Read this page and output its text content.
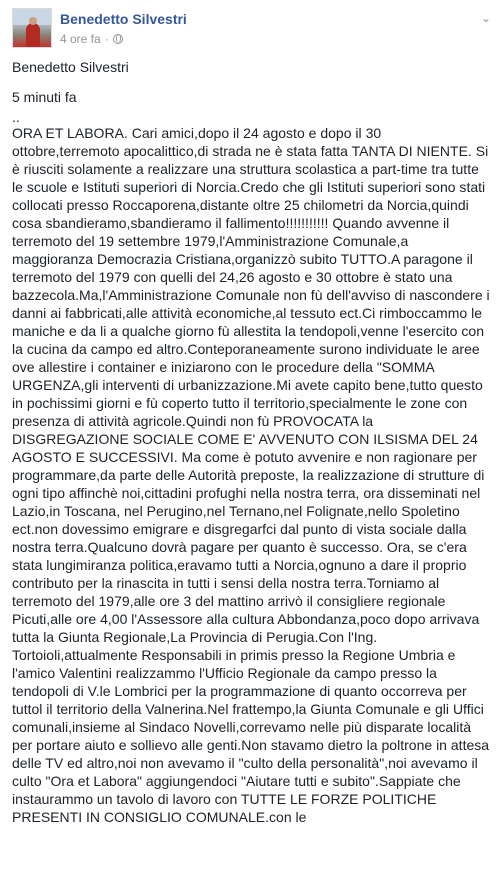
Benedetto Silvestri
4 ore fa ·
⌄

Benedetto Silvestri

5 minuti fa

..

ORA ET LABORA. Cari amici,dopo il 24 agosto e dopo il 30 ottobre,terremoto apocalittico,di strada ne è stata fatta TANTA DI NIENTE. Si è riusciti solamente a realizzare una struttura scolastica a part-time tra tutte le scuole e Istituti superiori di Norcia.Credo che gli Istituti superiori sono stati collocati presso Roccaporena,distante oltre 25 chilometri da Norcia,quindi cosa sbandieramo,sbandieramo il fallimento!!!!!!!!!!! Quando avvenne il terremoto del 19 settembre 1979,l'Amministrazione Comunale,a maggioranza Democrazia Cristiana,organizzò subito TUTTO.A paragone il terremoto del 1979 con quelli del 24,26 agosto e 30 ottobre è stato una bazzecola.Ma,l'Amministrazione Comunale non fù dell'avviso di nascondere i danni ai fabbricati,alle attività economiche,al tessuto ect.Ci rimboccammo le maniche e da li a qualche giorno fù allestita la tendopoli,venne l'esercito con la cucina da campo ed altro.Conteporaneamente surono individuate le aree ove allestire i container e iniziarono con le procedure della "SOMMA URGENZA,gli interventi di urbanizzazione.Mi avete capito bene,tutto questo in pochissimi giorni e fù coperto tutto il territorio,specialmente le zone con presenza di attività agricole.Quindi non fù PROVOCATA la DISGREGAZIONE SOCIALE COME E' AVVENUTO CON ILSISMA DEL 24 AGOSTO E SUCCESSIVI. Ma come è potuto avvenire e non ragionare per programmare,da parte delle Autorità preposte, la realizzazione di strutture di ogni tipo affinchè noi,cittadini profughi nella nostra terra, ora disseminati nel Lazio,in Toscana, nel Perugino,nel Ternano,nel Folignate,nello Spoletino ect.non dovessimo emigrare e disgregarfci dal punto di vista sociale dalla nostra terra.Qualcuno dovrà pagare per quanto è successo. Ora, se c'era stata lungimiranza politica,eravamo tutti a Norcia,ognuno a dare il proprio contributo per la rinascita in tutti i sensi della nostra terra.Torniamo al terremoto del 1979,alle ore 3 del mattino arrivò il consigliere regionale Picuti,alle ore 4,00 l'Assessore alla cultura Abbondanza,poco dopo arrivava tutta la Giunta Regionale,La Provincia di Perugia.Con l'Ing. Tortoioli,attualmente Responsabili in primis presso la Regione Umbria e l'amico Valentini realizzammo l'Ufficio Regionale da campo presso la tendopoli di V.le Lombrici per la programmazione di quanto occorreva per tuttol il territorio della Valnerina.Nel frattempo,la Giunta Comunale e gli Uffici comunali,insieme al Sindaco Novelli,correvamo nelle più disparate località per portare aiuto e sollievo alle genti.Non stavamo dietro la poltrone in attesa delle TV ed altro,noi non avevamo il "culto della personalità",noi avevamo il culto "Ora et Labora" aggiungendoci "Aiutare tutti e subito".Sappiate che instaurammo un tavolo di lavoro con TUTTE LE FORZE POLITICHE PRESENTI IN CONSIGLIO COMUNALE.con le
